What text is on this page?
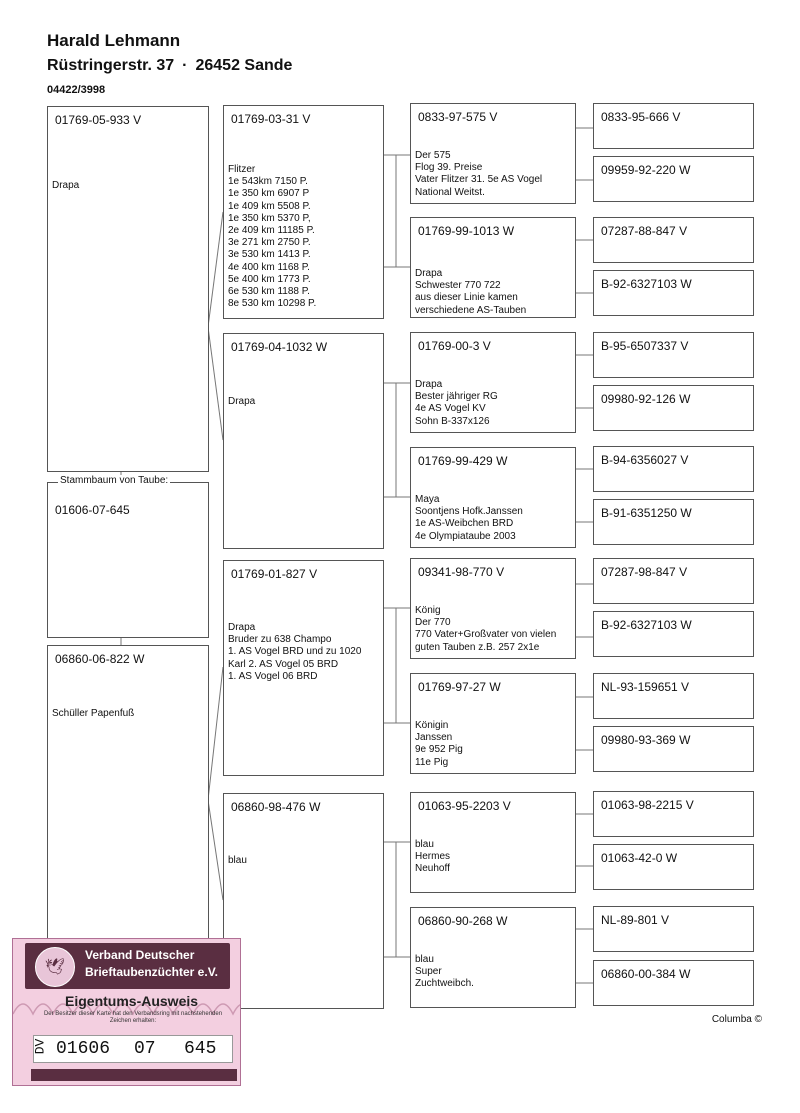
Harald Lehmann
Rüstringerstr. 37 · 26452 Sande
04422/3998
01769-05-933 V
Drapa
Stammbaum von Taube:
01606-07-645
06860-06-822 W
Schüller Papenfuß
01769-03-31 V
Flitzer
1e 543km 7150 P.
1e 350 km 6907 P
1e 409 km 5508 P.
1e 350 km 5370 P,
2e 409 km 11185 P.
3e 271 km 2750 P.
3e 530 km 1413 P.
4e 400 km 1168 P.
5e 400 km 1773 P.
6e 530 km 1188 P.
8e 530 km 10298 P.
01769-04-1032 W
Drapa
01769-01-827 V
Drapa
Bruder zu 638 Champo
1. AS Vogel BRD und zu 1020
Karl 2. AS Vogel 05 BRD
1. AS Vogel 06 BRD
06860-98-476 W
blau
0833-97-575 V
Der 575
Flog 39. Preise
Vater Flitzer 31. 5e AS Vogel
National Weitst.
01769-99-1013 W
Drapa
Schwester 770 722
aus dieser Linie kamen
verschiedene AS-Tauben
01769-00-3 V
Drapa
Bester jähriger RG
4e AS Vogel KV
Sohn B-337x126
01769-99-429 W
Maya
Soontjens Hofk.Janssen
1e AS-Weibchen BRD
4e Olympiataube 2003
09341-98-770 V
König
Der 770
770 Vater+Großvater von vielen
guten Tauben z.B. 257 2x1e
01769-97-27 W
Königin
Janssen
9e 952 Pig
11e Pig
01063-95-2203 V
blau
Hermes
Neuhoff
06860-90-268 W
blau
Super
Zuchtweibch.
0833-95-666 V
09959-92-220 W
07287-88-847 V
B-92-6327103 W
B-95-6507337 V
09980-92-126 W
B-94-6356027 V
B-91-6351250 W
07287-98-847 V
B-92-6327103 W
NL-93-159651 V
09980-93-369 W
01063-98-2215 V
01063-42-0 W
NL-89-801 V
06860-00-384 W
Columba ©
🕊
Verband Deutscher
Brieftaubenzüchter e.V.
Eigentums-Ausweis
Der Besitzer dieser Karte hat den Verbandsring mit nachstehenden Zeichen erhalten:
DV 01606 07 645
